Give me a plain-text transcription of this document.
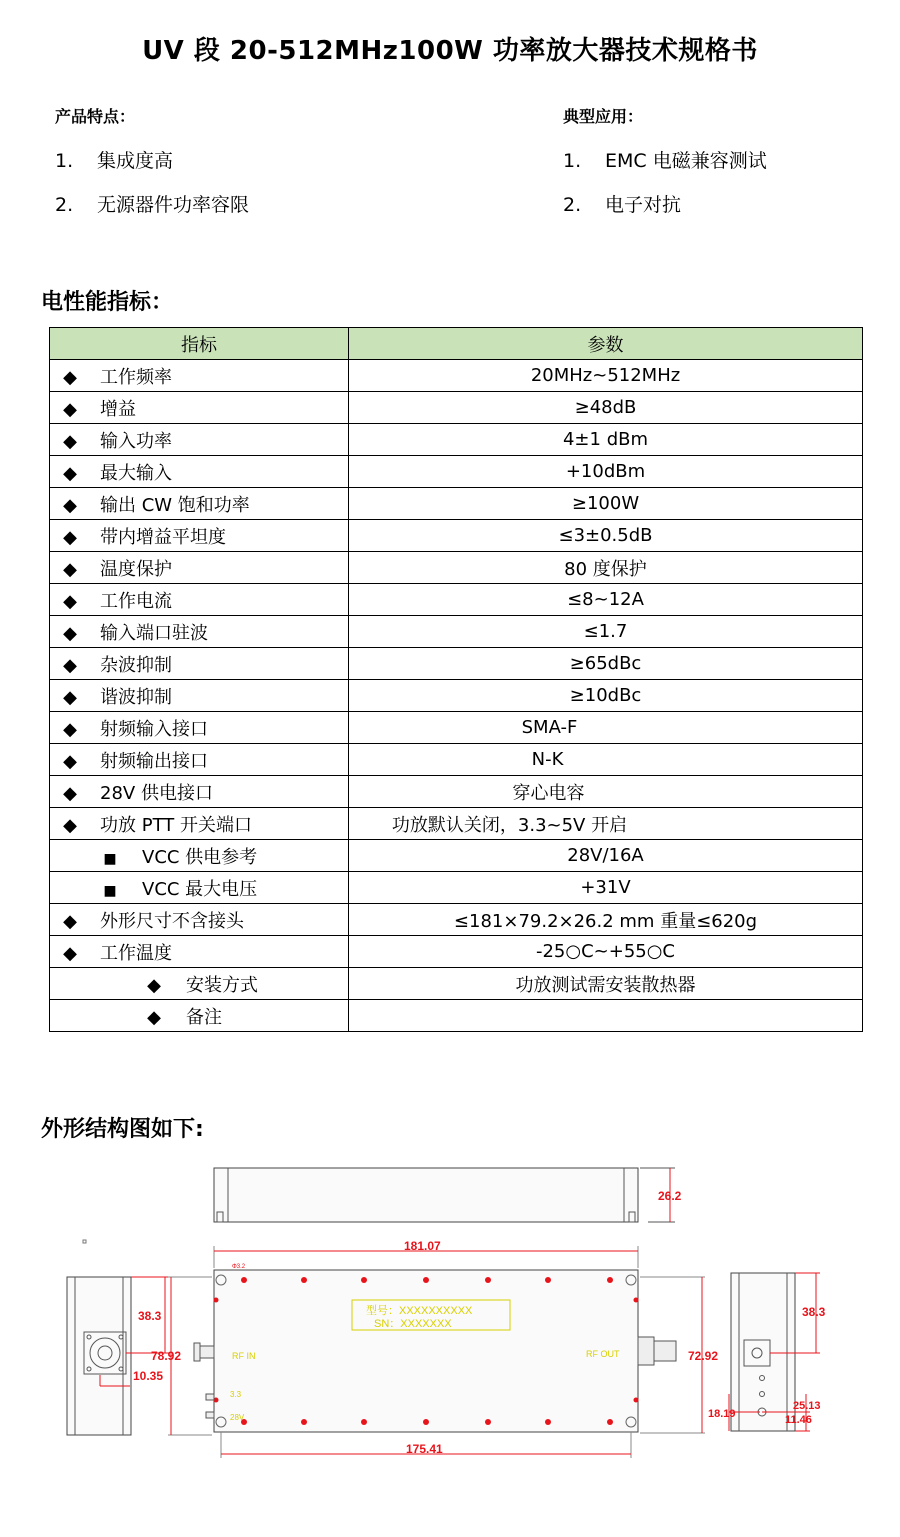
UV 段 20-512MHz100W 功率放大器技术规格书
产品特点：
1. 集成度高
2. 无源器件功率容限
典型应用：
1. EMC 电磁兼容测试
2. 电子对抗
电性能指标：
指标	参数

◆ 工作频率	20MHz~512MHz

◆ 增益	≥48dB

◆ 输入功率	4±1 dBm

◆ 最大输入	+10dBm

◆ 输出 CW 饱和功率	≥100W

◆ 带内增益平坦度	≤3±0.5dB

◆ 温度保护	80 度保护

◆ 工作电流	≤8~12A

◆ 输入端口驻波	≤1.7

◆ 杂波抑制	≥65dBc

◆ 谐波抑制	≥10dBc

◆ 射频输入接口	SMA-F

◆ 射频输出接口	N-K

◆ 28V 供电接口	穿心电容

◆ 功放 PTT 开关端口	功放默认关闭，3.3~5V 开启

■ VCC 供电参考	28V/16A

■ VCC 最大电压	+31V

◆ 外形尺寸不含接头	≤181×79.2×26.2 mm 重量≤620g

◆ 工作温度	-25○C~+55○C

◆ 安装方式	功放测试需安装散热器

◆ 备注	

外形结构图如下:
26.2
38.3
10.35
型号：XXXXXXXXXX
SN：XXXXXXX
RF IN	RF OUT
3.3
28V
Φ3.2
181.07
175.41
78.92	72.92
38.3
25.13
11.46
18.19
